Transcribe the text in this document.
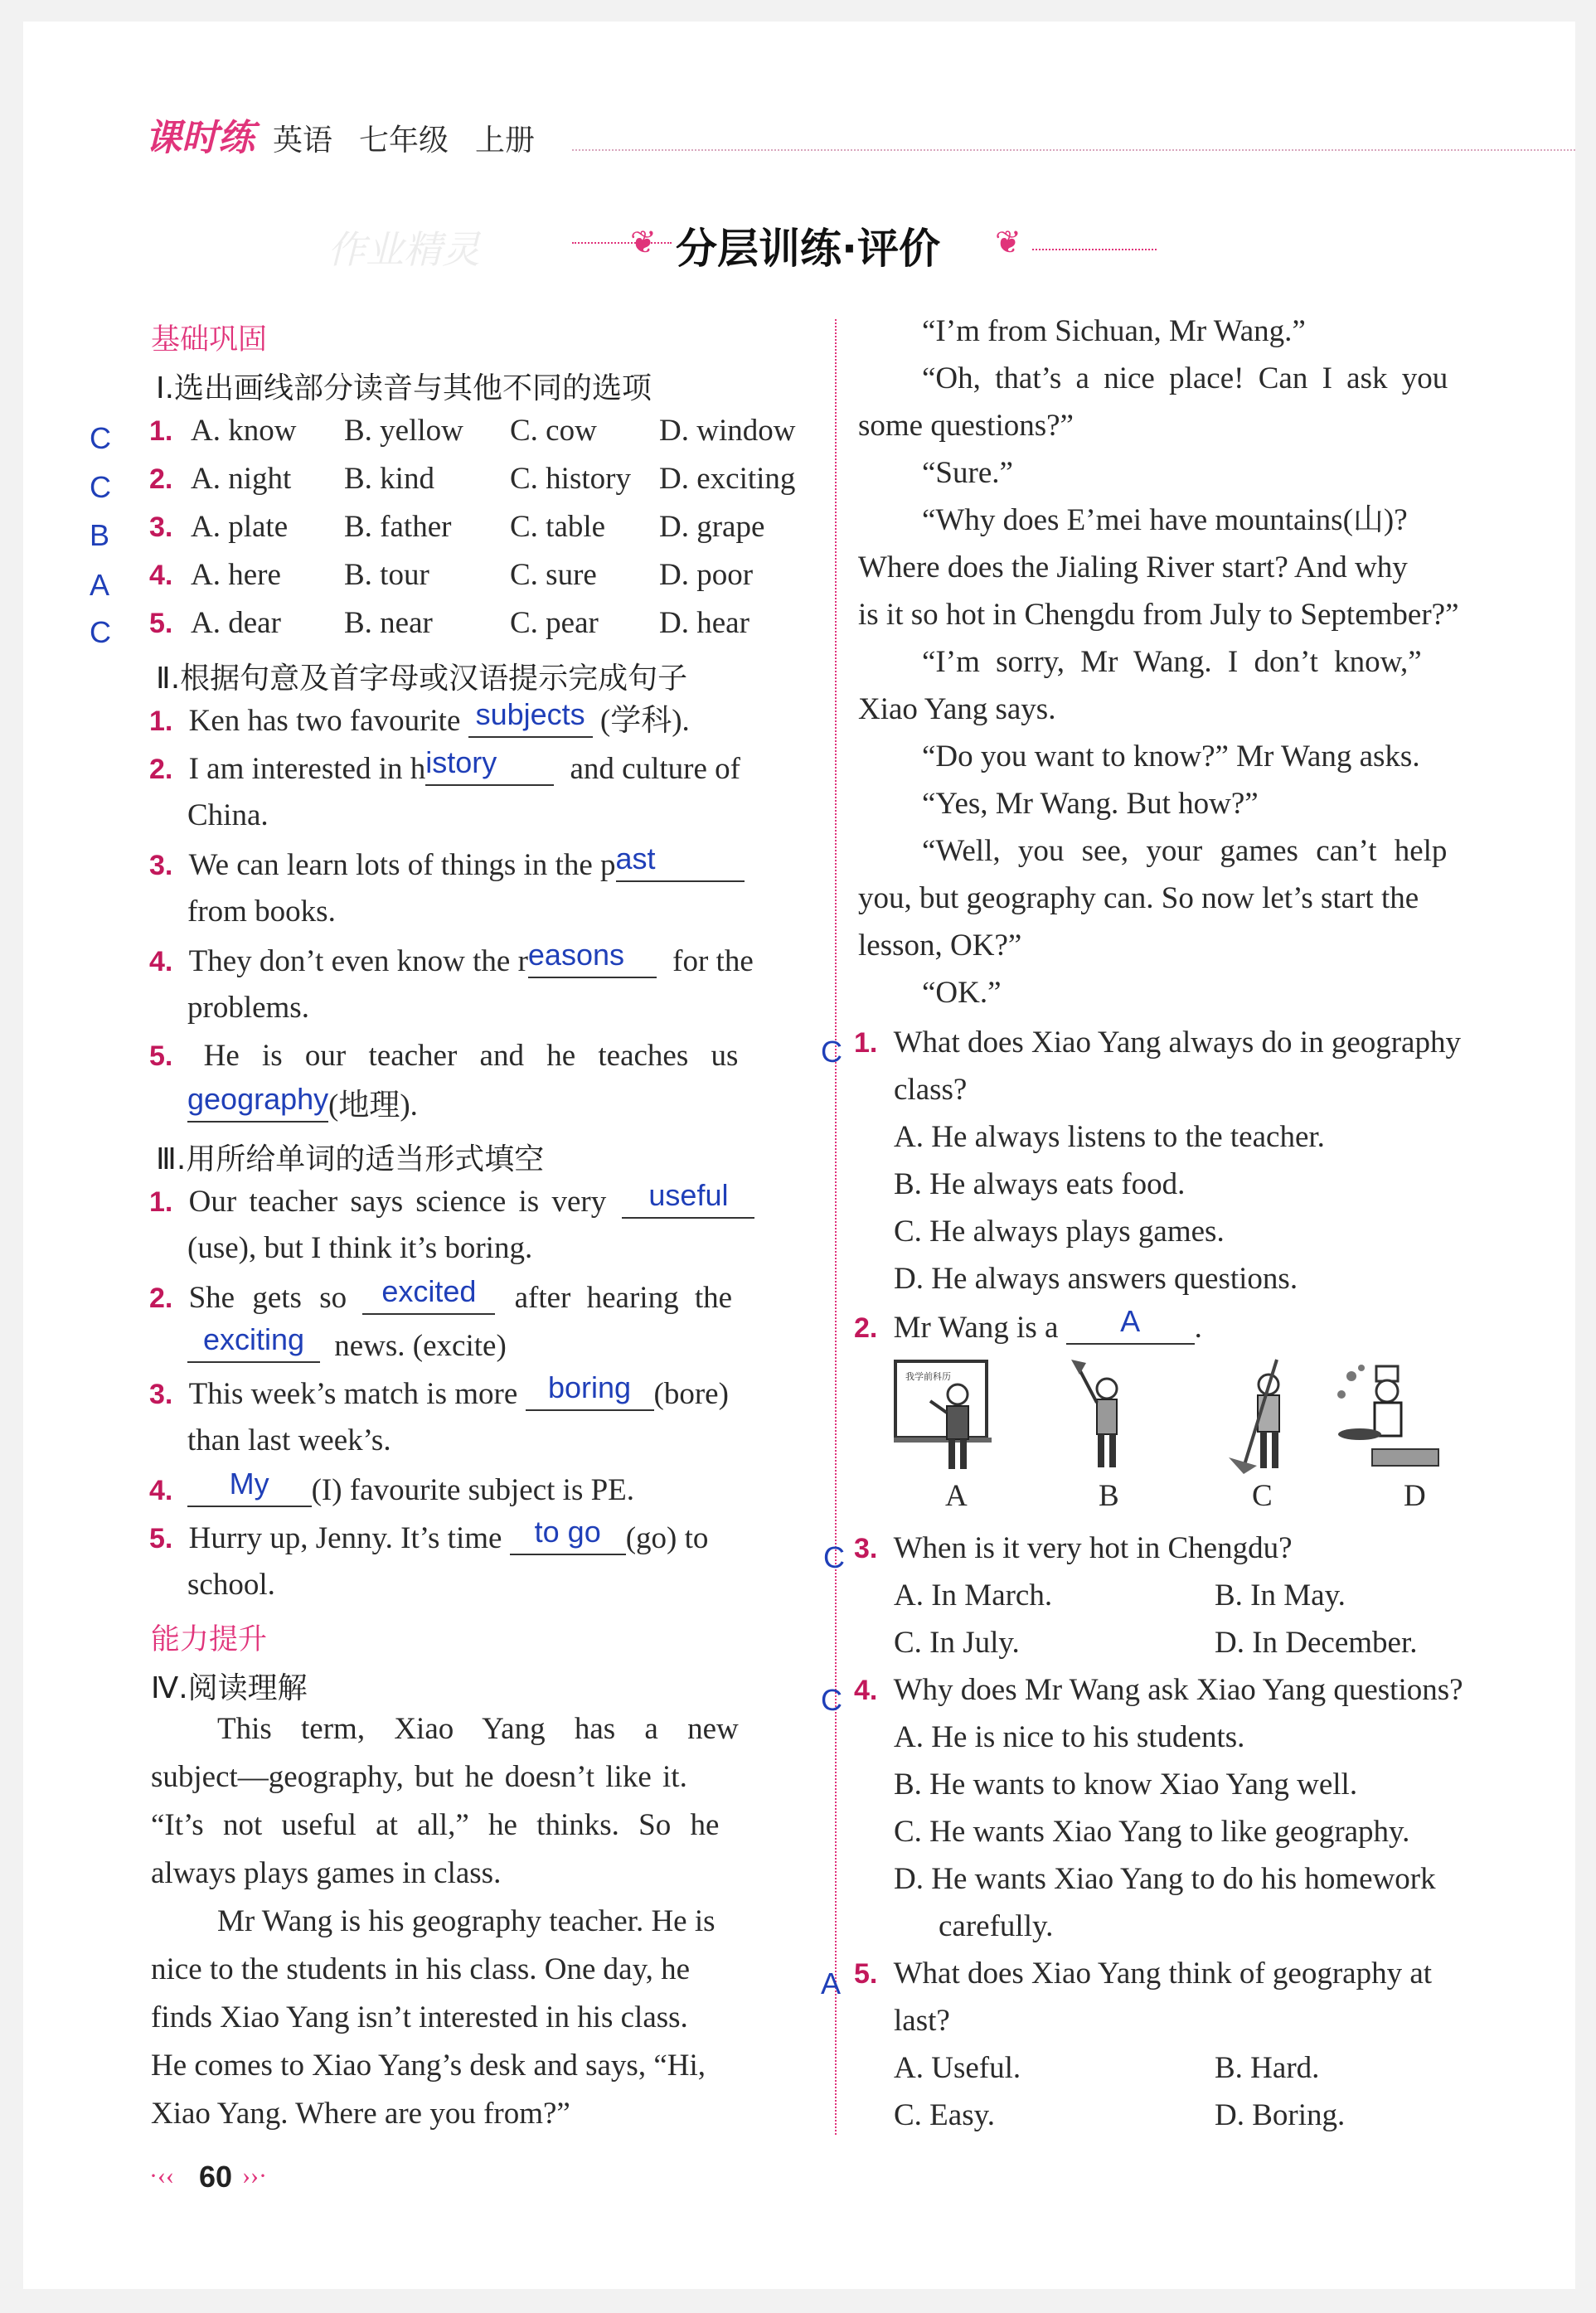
课时练 英语 七年级 上册
作业精灵	❦ 分层训练·评价 ❦
基础巩固
Ⅰ.选出画线部分读音与其他不同的选项
C
C
B
A
C
1. A. know B. yellow C. cow D. window
2. A. night B. kind C. history D. exciting
3. A. plate B. father C. table D. grape
4. A. here B. tour	C. sure D. poor
5. A. dear B. near	C. pear D. hear
Ⅱ.根据句意及首字母或汉语提示完成句子
1. Ken has two favourite subjects (学科).
2. I am interested in h istory	and culture of
China.
3. We can learn lots of things in the p ast
from books.
4. They don’t even know the r easons	for the
problems.
5. He is our teacher and he teaches us
geography (地理).
Ⅲ.用所给单词的适当形式填空
1. Our teacher says science is very	useful
(use), but I think it’s boring.
2. She gets so	excited	after hearing the
exciting news. (excite)
3. This week’s match is more	boring (bore)
than last week’s.
4.	My	(I) favourite subject is PE.
5. Hurry up, Jenny. It’s time	to go (go) to
school.
能力提升
Ⅳ.阅读理解
This term, Xiao Yang has a new
subject—geography, but he doesn’t like it.
“It’s not useful at all,” he thinks. So he
always plays games in class.
Mr Wang is his geography teacher. He is
nice to the students in his class. One day, he
finds Xiao Yang isn’t interested in his class.
He comes to Xiao Yang’s desk and says, “Hi,
Xiao Yang. Where are you from?”
“I’m from Sichuan, Mr Wang.”
“Oh, that’s a nice place! Can I ask you
some questions?”
“Sure.”
“Why does E’mei have mountains(山)?
Where does the Jialing River start? And why
is it so hot in Chengdu from July to September?”
“I’m sorry, Mr Wang. I don’t know,”
Xiao Yang says.
“Do you want to know?” Mr Wang asks.
“Yes, Mr Wang. But how?”
“Well, you see, your games can’t help
you, but geography can. So now let’s start the
lesson, OK?”
“OK.”
C 1. What does Xiao Yang always do in geography
class?
A. He always listens to the teacher.
B. He always eats food.
C. He always plays games.
D. He always answers questions.
2. Mr Wang is a	A	.
我学前科历
A	B	C	D
C 3. When is it very hot in Chengdu?
A. In March.	B. In May.
C. In July.	D. In December.
C 4. Why does Mr Wang ask Xiao Yang questions?
A. He is nice to his students.
B. He wants to know Xiao Yang well.
C. He wants Xiao Yang to like geography.
D. He wants Xiao Yang to do his homework
carefully.
A 5. What does Xiao Yang think of geography at
last?
A. Useful.	B. Hard.
C. Easy.	D. Boring.
·‹‹ 60 ››·
